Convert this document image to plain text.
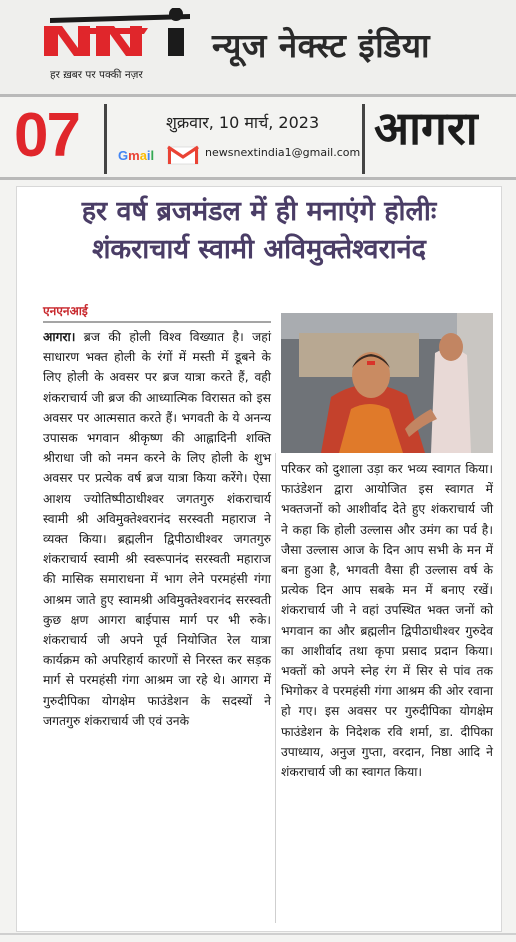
हर ख़बर पर पक्की नज़र
न्यूज नेक्स्ट इंडिया
07	शुक्रवार, 10 मार्च, 2023
Gmail	newsnextindia1@gmail.com आगरा
हर वर्ष ब्रजमंडल में ही मनाएंगे होलीः
शंकराचार्य स्वामी अविमुक्तेश्वरानंद
एनएनआई

आगरा। ब्रज की होली विश्व विख्यात है। जहां साधारण भक्त होली के रंगों में मस्ती में डूबने के लिए होली के अवसर पर ब्रज यात्रा करते हैं, वही शंकराचार्य जी ब्रज की आध्यात्मिक विरासत को इस अवसर पर आत्मसात करते हैं। भगवती के ये अनन्य उपासक भगवान श्रीकृष्ण की आह्लादिनी शक्ति श्रीराधा जी को नमन करने के लिए होली के शुभ अवसर पर प्रत्येक वर्ष ब्रज यात्रा किया करेंगे। ऐसा आशय ज्योतिष्पीठाधीश्वर जगतगुरु शंकराचार्य स्वामी श्री अविमुक्तेश्वरानंद सरस्वती महाराज ने व्यक्त किया। ब्रह्मलीन द्विपीठाधीश्वर जगतगुरु शंकराचार्य स्वामी श्री स्वरूपानंद सरस्वती महाराज की मासिक समाराधना में भाग लेने परमहंसी गंगा आश्रम जाते हुए स्वामश्री अविमुक्तेश्वरानंद सरस्वती कुछ क्षण आगरा बाईपास मार्ग पर भी रुके। शंकराचार्य जी अपने पूर्व नियोजित रेल यात्रा कार्यक्रम को अपरिहार्य कारणों से निरस्त कर सड़क मार्ग से परमहंसी गंगा आश्रम जा रहे थे। आगरा में गुरुदीपिका योगक्षेम फाउंडेशन के सदस्यों ने जगतगुरु शंकराचार्य जी एवं उनके

परिकर को दुशाला उड़ा कर भव्य स्वागत किया। फाउंडेशन द्वारा आयोजित इस स्वागत में भक्तजनों को आशीर्वाद देते हुए शंकराचार्य जी ने कहा कि होली उल्लास और उमंग का पर्व है। जैसा उल्लास आज के दिन आप सभी के मन में बना हुआ है, भगवती वैसा ही उल्लास वर्ष के प्रत्येक दिन आप सबके मन में बनाए रखें। शंकराचार्य जी ने वहां उपस्थित भक्त जनों को भगवान का और ब्रह्मलीन द्विपीठाधीश्वर गुरुदेव का आशीर्वाद तथा कृपा प्रसाद प्रदान किया। भक्तों को अपने स्नेह रंग में सिर से पांव तक भिगोकर वे परमहंसी गंगा आश्रम की ओर रवाना हो गए। इस अवसर पर गुरुदीपिका योगक्षेम फाउंडेशन के निदेशक रवि शर्मा, डा. दीपिका उपाध्याय, अनुज गुप्ता, वरदान, निष्ठा आदि ने शंकराचार्य जी का स्वागत किया।
